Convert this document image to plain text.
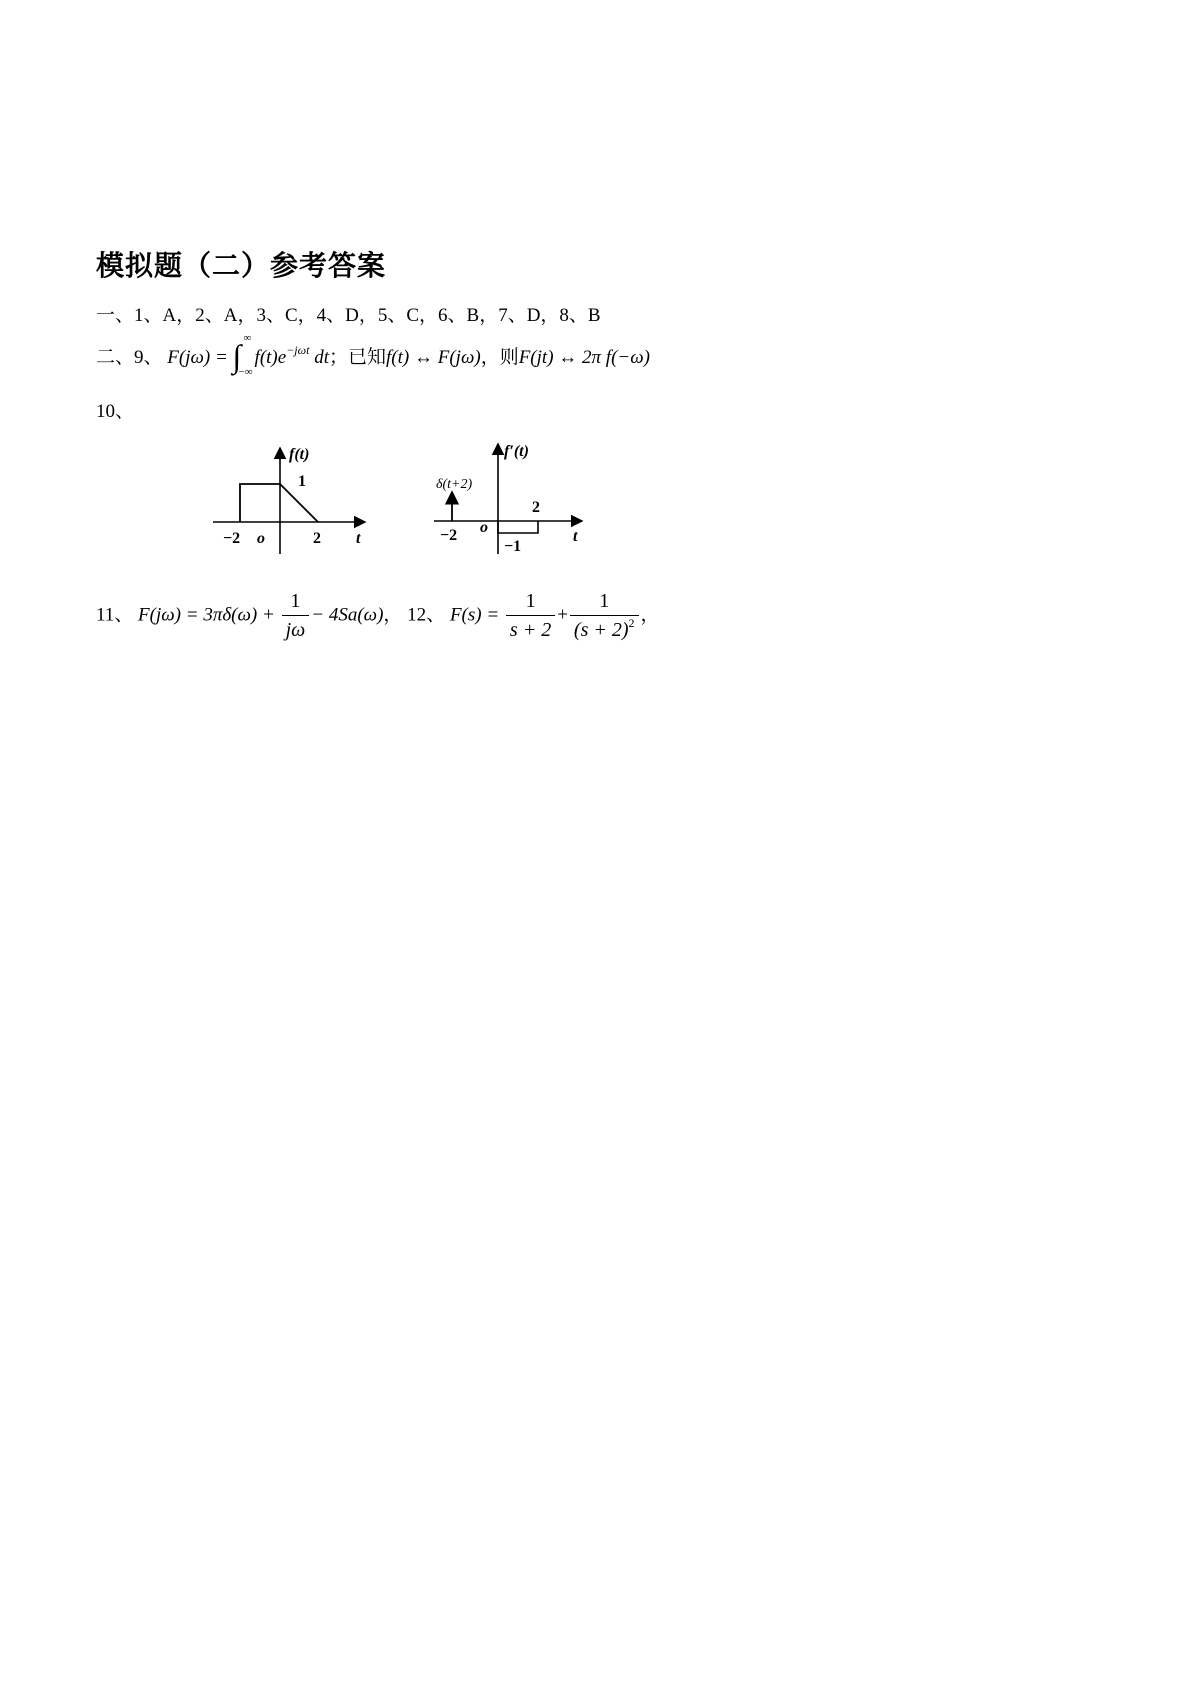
模拟题（二）参考答案
一、1、A，2、A，3、C，4、D，5、C，6、B，7、D，8、B
二、9、 F(jω) = ∫ ∞
−∞
$f(t)e^{-j\omega t}$ dt；已知f(t) ↔ F(jω)，则F(jt) ↔ 2π f(−ω)
10、
f(t)
1
−2 o	2 t
f′(t)
δ(t+2)
2
−2 o
−1
t
11、 $F(j\omega) = 3\pi\delta(\omega) + \frac{1}{j\omega} - 4Sa(\omega)$， 12、 $F(s) = \frac{1}{s + 2} + \frac{1}{(s + 2)^2}$ ，
